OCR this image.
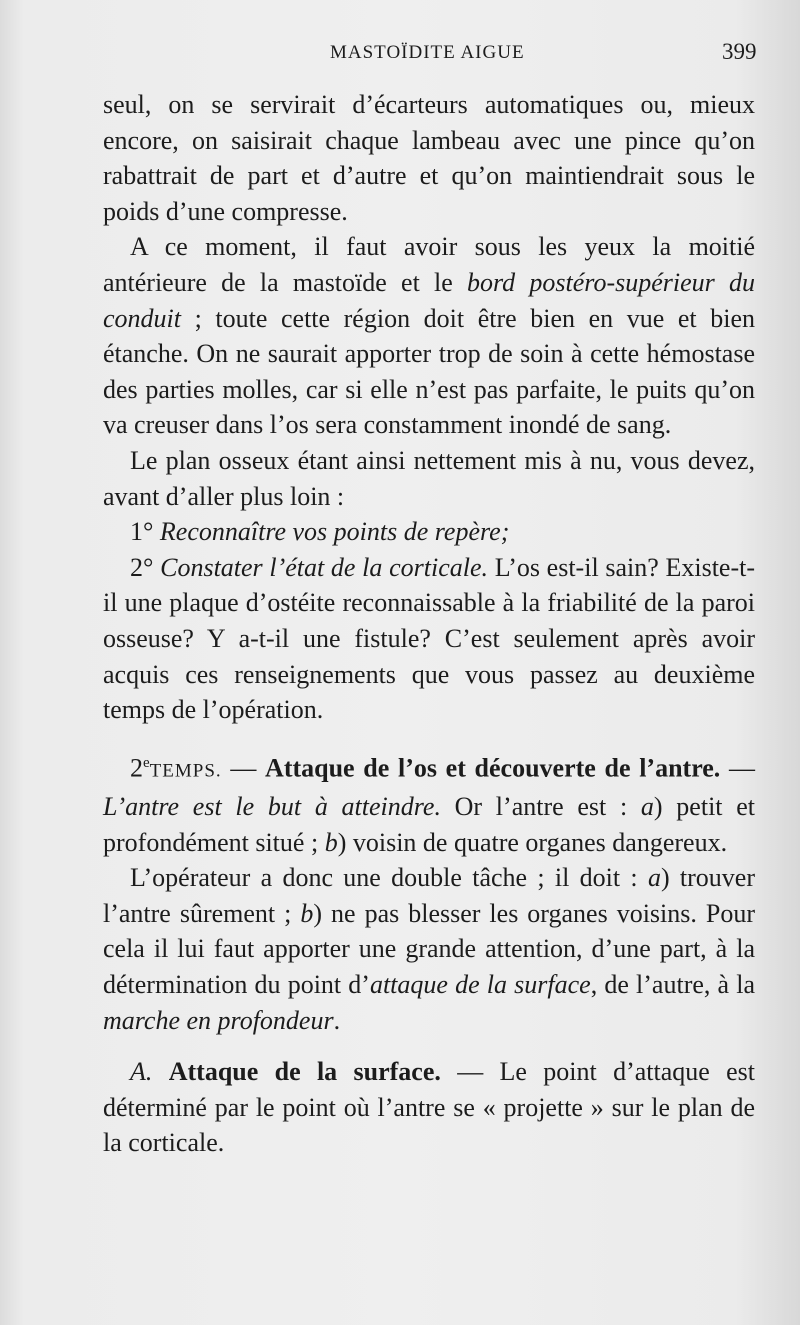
MASTOÏDITE AIGUE	399

seul, on se servirait d’écarteurs automatiques ou, mieux encore, on saisirait chaque lambeau avec une pince qu’on rabattrait de part et d’autre et qu’on maintiendrait sous le poids d’une compresse.

A ce moment, il faut avoir sous les yeux la moitié antérieure de la mastoïde et le bord postéro-supérieur du conduit ; toute cette région doit être bien en vue et bien étanche. On ne saurait apporter trop de soin à cette hémostase des parties molles, car si elle n’est pas parfaite, le puits qu’on va creuser dans l’os sera constamment inondé de sang.

Le plan osseux étant ainsi nettement mis à nu, vous devez, avant d’aller plus loin :

1° Reconnaître vos points de repère;

2° Constater l’état de la corticale. L’os est-il sain? Existe-t-il une plaque d’ostéite reconnaissable à la friabilité de la paroi osseuse? Y a-t-il une fistule? C’est seulement après avoir acquis ces renseignements que vous passez au deuxième temps de l’opération.

2eTEMPS. — Attaque de l’os et découverte de l’antre. — L’antre est le but à atteindre. Or l’antre est : a) petit et profondément situé ; b) voisin de quatre organes dangereux.

L’opérateur a donc une double tâche ; il doit : a) trouver l’antre sûrement ; b) ne pas blesser les organes voisins. Pour cela il lui faut apporter une grande attention, d’une part, à la détermination du point d’attaque de la surface, de l’autre, à la marche en profondeur.

A. Attaque de la surface. — Le point d’attaque est déterminé par le point où l’antre se « projette » sur le plan de la corticale.
